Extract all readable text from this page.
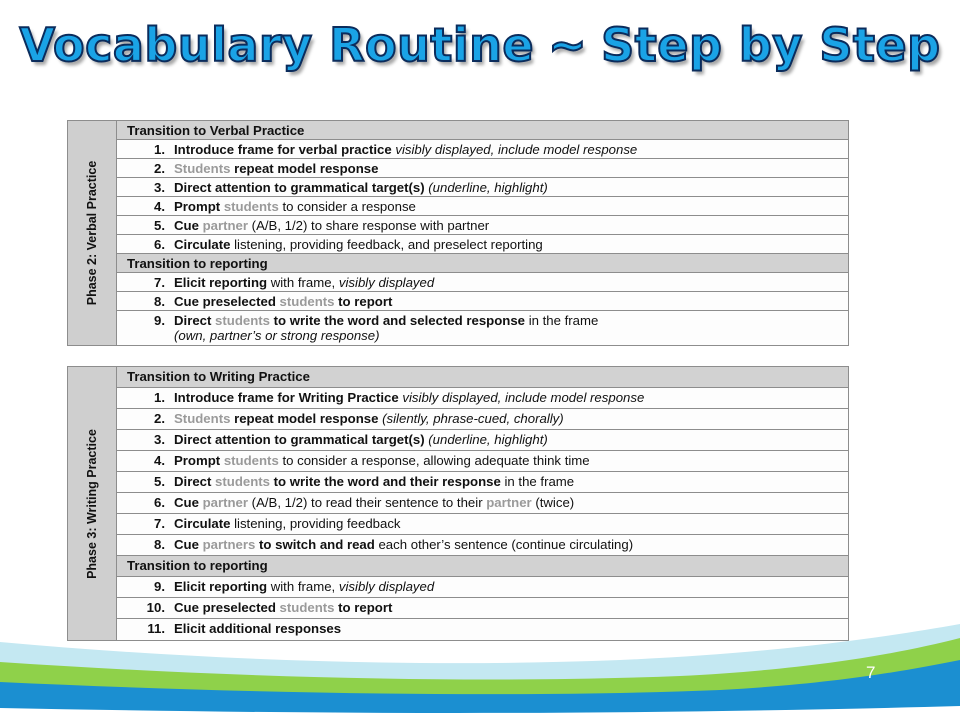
Vocabulary Routine ~ Step by Step
Phase 2: Verbal Practice
Transition to Verbal Practice
1. Introduce frame for verbal practice visibly displayed, include model response
2. Students repeat model response
3. Direct attention to grammatical target(s) (underline, highlight)
4. Prompt students to consider a response
5. Cue partner (A/B, 1/2) to share response with partner
6. Circulate listening, providing feedback, and preselect reporting
Transition to reporting
7. Elicit reporting with frame, visibly displayed
8. Cue preselected students to report
9. Direct students to write the word and selected response in the frame
(own, partner’s or strong response)
Phase 3: Writing Practice
Transition to Writing Practice
1. Introduce frame for Writing Practice visibly displayed, include model response
2. Students repeat model response (silently, phrase-cued, chorally)
3. Direct attention to grammatical target(s) (underline, highlight)
4. Prompt students to consider a response, allowing adequate think time
5. Direct students to write the word and their response in the frame
6. Cue partner (A/B, 1/2) to read their sentence to their partner (twice)
7. Circulate listening, providing feedback
8. Cue partners to switch and read each other’s sentence (continue circulating)
Transition to reporting
9. Elicit reporting with frame, visibly displayed
10. Cue preselected students to report
11. Elicit additional responses
7
